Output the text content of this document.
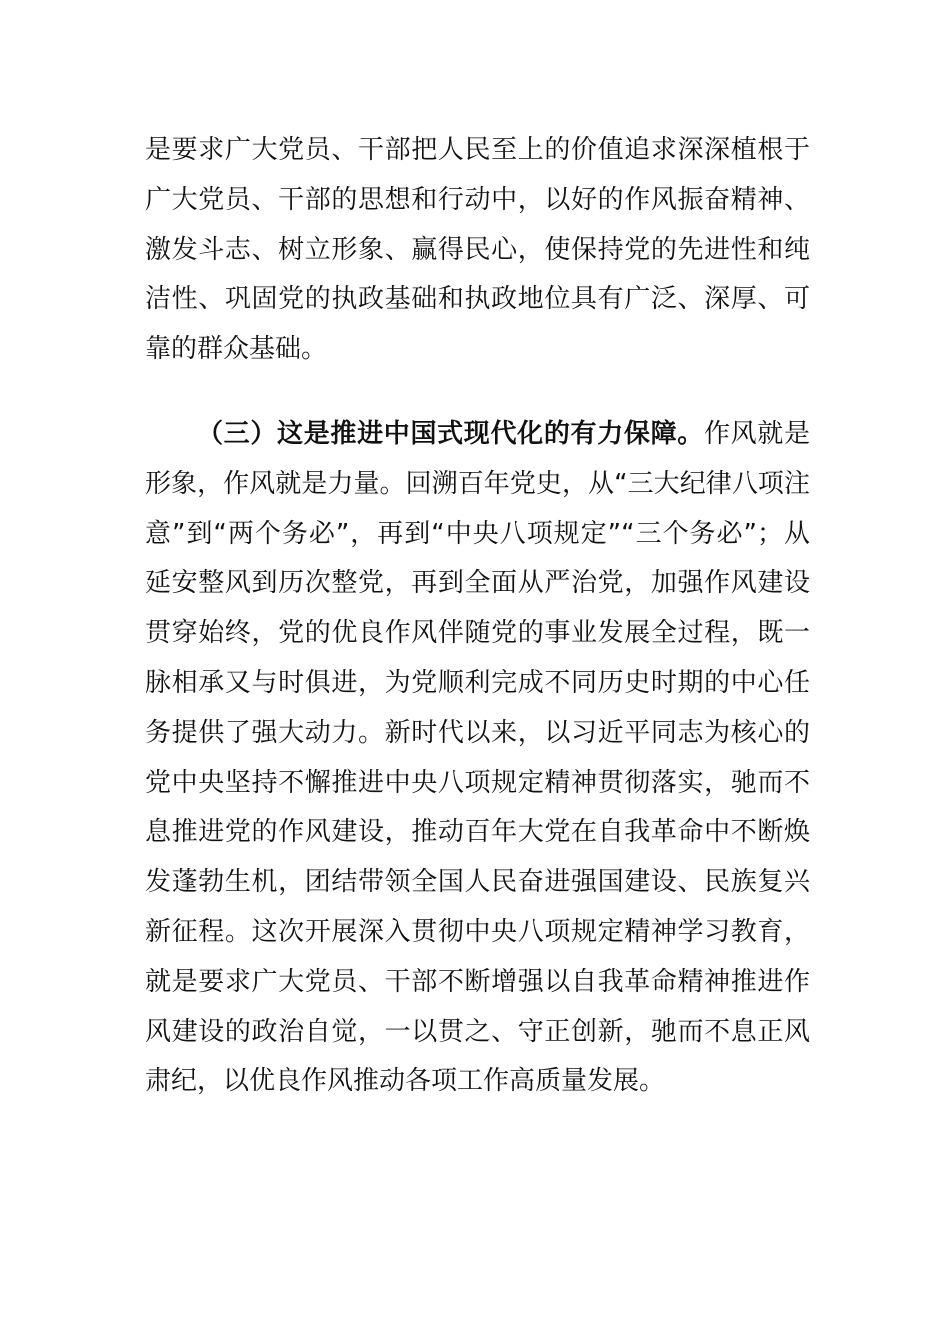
是要求广大党员、干部把人民至上的价值追求深深植根于广大党员、干部的思想和行动中，以好的作风振奋精神、激发斗志、树立形象、赢得民心，使保持党的先进性和纯洁性、巩固党的执政基础和执政地位具有广泛、深厚、可靠的群众基础。

（三）这是推进中国式现代化的有力保障。作风就是形象，作风就是力量。回溯百年党史，从“三大纪律八项注意”到“两个务必”，再到“中央八项规定”“三个务必”；从延安整风到历次整党，再到全面从严治党，加强作风建设贯穿始终，党的优良作风伴随党的事业发展全过程，既一脉相承又与时俱进，为党顺利完成不同历史时期的中心任务提供了强大动力。新时代以来，以习近平同志为核心的党中央坚持不懈推进中央八项规定精神贯彻落实，驰而不息推进党的作风建设，推动百年大党在自我革命中不断焕发蓬勃生机，团结带领全国人民奋进强国建设、民族复兴新征程。这次开展深入贯彻中央八项规定精神学习教育，就是要求广大党员、干部不断增强以自我革命精神推进作风建设的政治自觉，一以贯之、守正创新，驰而不息正风肃纪，以优良作风推动各项工作高质量发展。
